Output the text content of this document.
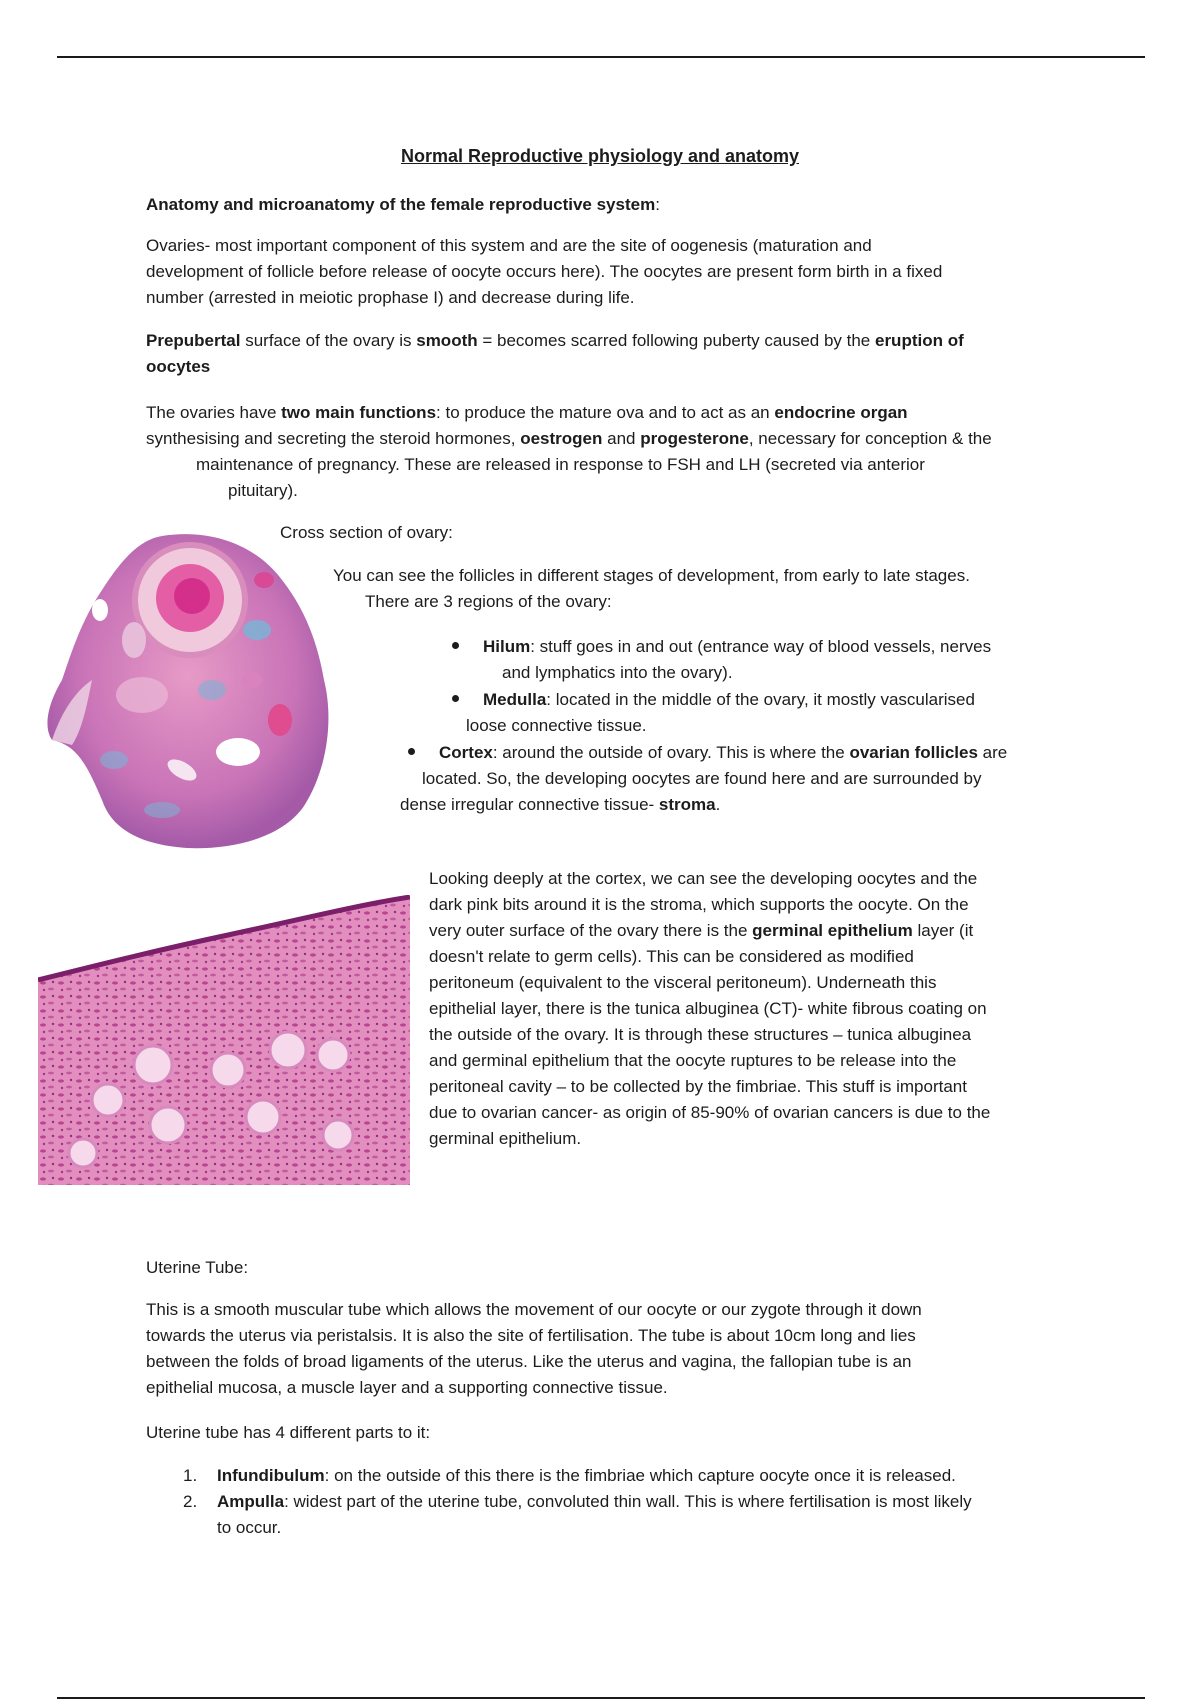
Normal Reproductive physiology and anatomy
Anatomy and microanatomy of the female reproductive system:
Ovaries- most important component of this system and are the site of oogenesis (maturation and
development of follicle before release of oocyte occurs here). The oocytes are present form birth in a fixed
number (arrested in meiotic prophase I) and decrease during life.
Prepubertal surface of the ovary is smooth = becomes scarred following puberty caused by the eruption of
oocytes
The ovaries have two main functions: to produce the mature ova and to act as an endocrine organ
synthesising and secreting the steroid hormones, oestrogen and progesterone, necessary for conception & the
maintenance of pregnancy. These are released in response to FSH and LH (secreted via anterior
pituitary).
Cross section of ovary:
You can see the follicles in different stages of development, from early to late stages.
There are 3 regions of the ovary:
Hilum: stuff goes in and out (entrance way of blood vessels, nerves
and lymphatics into the ovary).
Medulla: located in the middle of the ovary, it mostly vascularised
loose connective tissue.
Cortex: around the outside of ovary. This is where the ovarian follicles are
located. So, the developing oocytes are found here and are surrounded by
dense irregular connective tissue- stroma.
Looking deeply at the cortex, we can see the developing oocytes and the
dark pink bits around it is the stroma, which supports the oocyte. On the
very outer surface of the ovary there is the germinal epithelium layer (it
doesn't relate to germ cells). This can be considered as modified
peritoneum (equivalent to the visceral peritoneum). Underneath this
epithelial layer, there is the tunica albuginea (CT)- white fibrous coating on
the outside of the ovary. It is through these structures – tunica albuginea
and germinal epithelium that the oocyte ruptures to be release into the
peritoneal cavity – to be collected by the fimbriae. This stuff is important
due to ovarian cancer- as origin of 85-90% of ovarian cancers is due to the
germinal epithelium.
Uterine Tube:
This is a smooth muscular tube which allows the movement of our oocyte or our zygote through it down
towards the uterus via peristalsis. It is also the site of fertilisation. The tube is about 10cm long and lies
between the folds of broad ligaments of the uterus. Like the uterus and vagina, the fallopian tube is an
epithelial mucosa, a muscle layer and a supporting connective tissue.
Uterine tube has 4 different parts to it:
1. Infundibulum: on the outside of this there is the fimbriae which capture oocyte once it is released.
2. Ampulla: widest part of the uterine tube, convoluted thin wall. This is where fertilisation is most likely
to occur.
